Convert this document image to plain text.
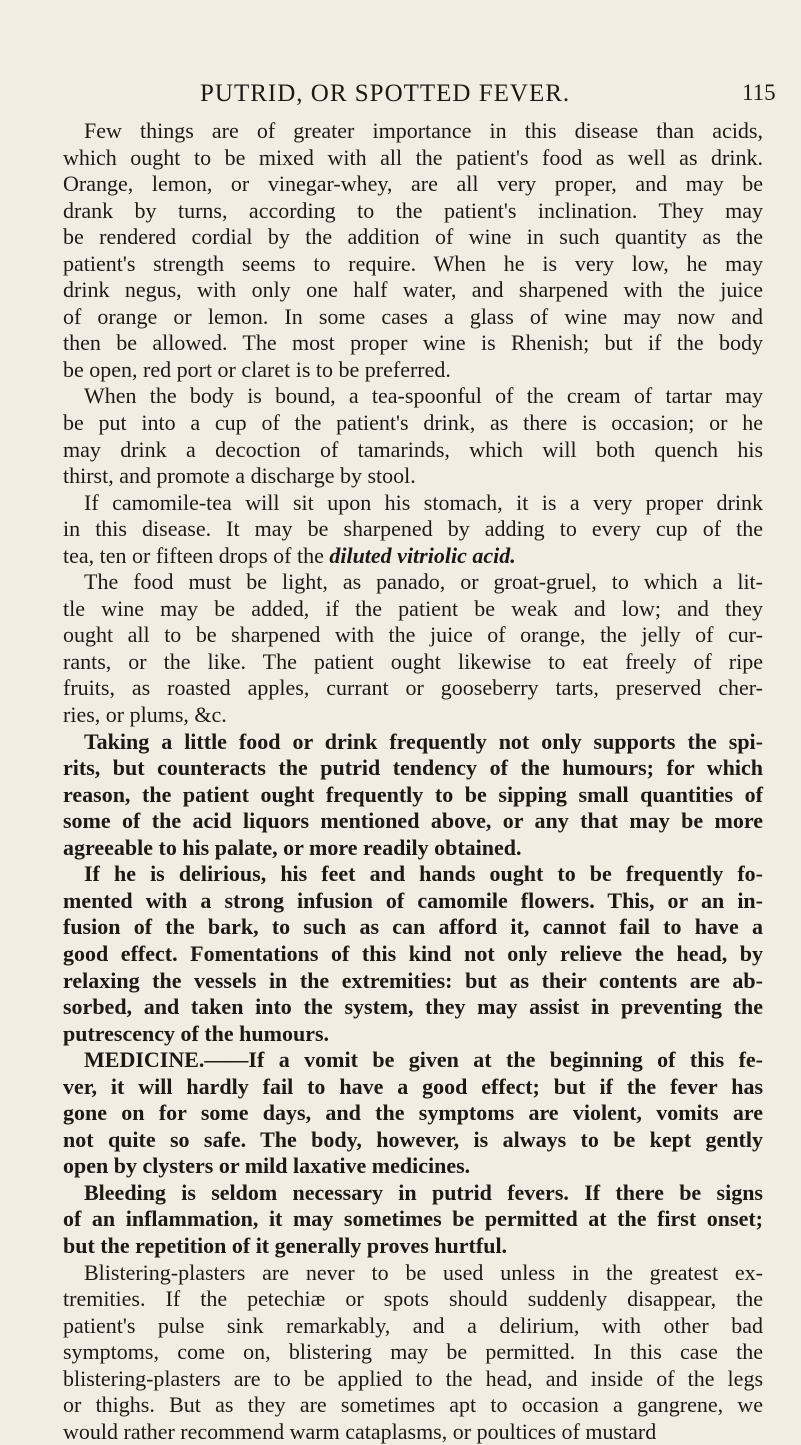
PUTRID, OR SPOTTED FEVER.	115
Few things are of greater importance in this disease than acids,
which ought to be mixed with all the patient's food as well as drink.
Orange, lemon, or vinegar-whey, are all very proper, and may be
drank by turns, according to the patient's inclination. They may
be rendered cordial by the addition of wine in such quantity as the
patient's strength seems to require. When he is very low, he may
drink negus, with only one half water, and sharpened with the juice
of orange or lemon. In some cases a glass of wine may now and
then be allowed. The most proper wine is Rhenish; but if the body
be open, red port or claret is to be preferred.
When the body is bound, a tea-spoonful of the cream of tartar may
be put into a cup of the patient's drink, as there is occasion; or he
may drink a decoction of tamarinds, which will both quench his
thirst, and promote a discharge by stool.
If camomile-tea will sit upon his stomach, it is a very proper drink
in this disease. It may be sharpened by adding to every cup of the
tea, ten or fifteen drops of the diluted vitriolic acid.
The food must be light, as panado, or groat-gruel, to which a lit-
tle wine may be added, if the patient be weak and low; and they
ought all to be sharpened with the juice of orange, the jelly of cur-
rants, or the like. The patient ought likewise to eat freely of ripe
fruits, as roasted apples, currant or gooseberry tarts, preserved cher-
ries, or plums, &c.
Taking a little food or drink frequently not only supports the spi-
rits, but counteracts the putrid tendency of the humours; for which
reason, the patient ought frequently to be sipping small quantities of
some of the acid liquors mentioned above, or any that may be more
agreeable to his palate, or more readily obtained.
If he is delirious, his feet and hands ought to be frequently fo-
mented with a strong infusion of camomile flowers. This, or an in-
fusion of the bark, to such as can afford it, cannot fail to have a
good effect. Fomentations of this kind not only relieve the head, by
relaxing the vessels in the extremities: but as their contents are ab-
sorbed, and taken into the system, they may assist in preventing the
putrescency of the humours.
MEDICINE.——If a vomit be given at the beginning of this fe-
ver, it will hardly fail to have a good effect; but if the fever has
gone on for some days, and the symptoms are violent, vomits are
not quite so safe. The body, however, is always to be kept gently
open by clysters or mild laxative medicines.
Bleeding is seldom necessary in putrid fevers. If there be signs
of an inflammation, it may sometimes be permitted at the first onset;
but the repetition of it generally proves hurtful.
Blistering-plasters are never to be used unless in the greatest ex-
tremities. If the petechiæ or spots should suddenly disappear, the
patient's pulse sink remarkably, and a delirium, with other bad
symptoms, come on, blistering may be permitted. In this case the
blistering-plasters are to be applied to the head, and inside of the legs
or thighs. But as they are sometimes apt to occasion a gangrene, we
would rather recommend warm cataplasms, or poultices of mustard
